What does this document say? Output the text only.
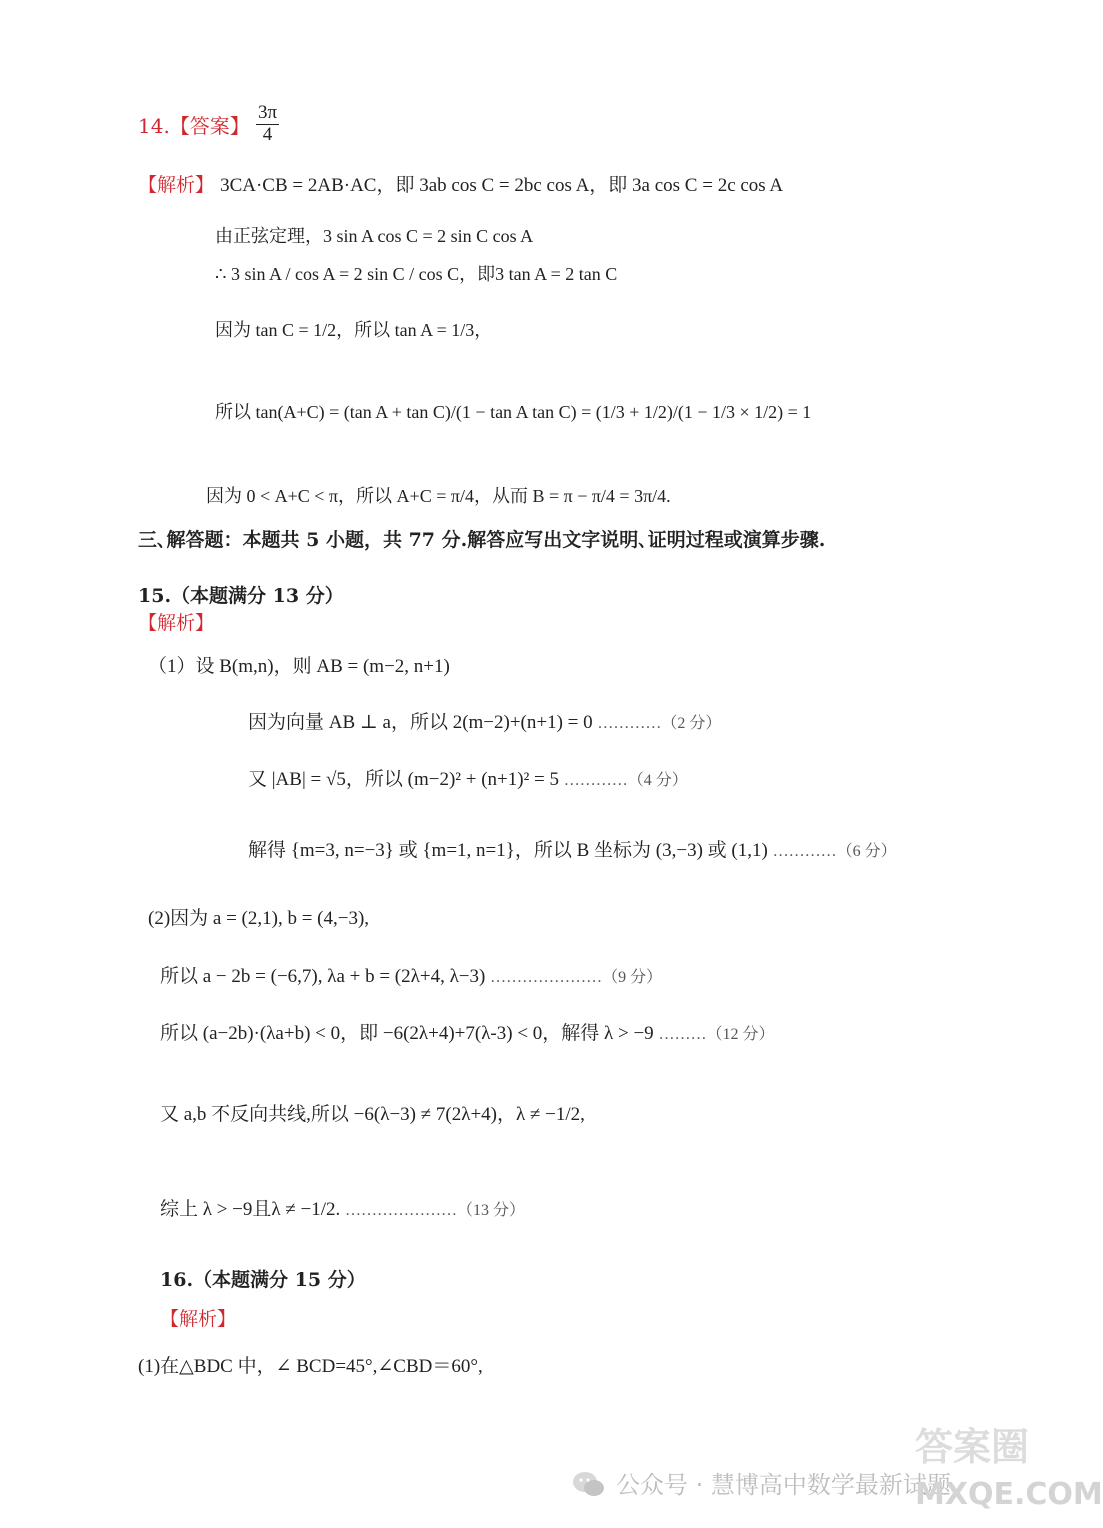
14.【答案】 $\frac{3\pi}{4}$
【解析】 3CA·CB = 2AB·AC，即 3ab cos C = 2bc cos A，即 3a cos C = 2c cos A
由正弦定理，3 sin A cos C = 2 sin C cos A
∴ 3 sin A / cos A = 2 sin C / cos C，即3 tan A = 2 tan C
因为 tan C = 1/2，所以 tan A = 1/3，
所以 tan(A+C) = (tan A + tan C)/(1 − tan A tan C) = (1/3 + 1/2)/(1 − 1/3 × 1/2) = 1
因为 0 < A+C < π，所以 A+C = π/4，从而 B = π − π/4 = 3π/4.
三､解答题：本题共 5 小题，共 77 分.解答应写出文字说明､证明过程或演算步骤.
15.（本题满分 13 分）
【解析】
（1）设 B(m,n)，则 AB = (m−2, n+1)
因为向量 AB ⊥ a，所以 2(m−2)+(n+1) = 0 …………（2 分）
又 |AB| = √5，所以 (m−2)² + (n+1)² = 5 …………（4 分）
解得 {m=3, n=−3} 或 {m=1, n=1}，所以 B 坐标为 (3,−3) 或 (1,1) …………（6 分）
(2)因为 a = (2,1), b = (4,−3),
所以 a − 2b = (−6,7), λa + b = (2λ+4, λ−3) …………………（9 分）
所以 (a−2b)·(λa+b) < 0，即 −6(2λ+4)+7(λ-3) < 0，解得 λ > −9 ………（12 分）
又 a,b 不反向共线,所以 −6(λ−3) ≠ 7(2λ+4)，λ ≠ −1/2,
综上 λ > −9且λ ≠ −1/2. …………………（13 分）
16.（本题满分 15 分）
【解析】
(1)在△BDC 中，∠ BCD=45°,∠CBD＝60°,
公众号 · 慧博高中数学最新试题
答案圈
MXQE.COM
